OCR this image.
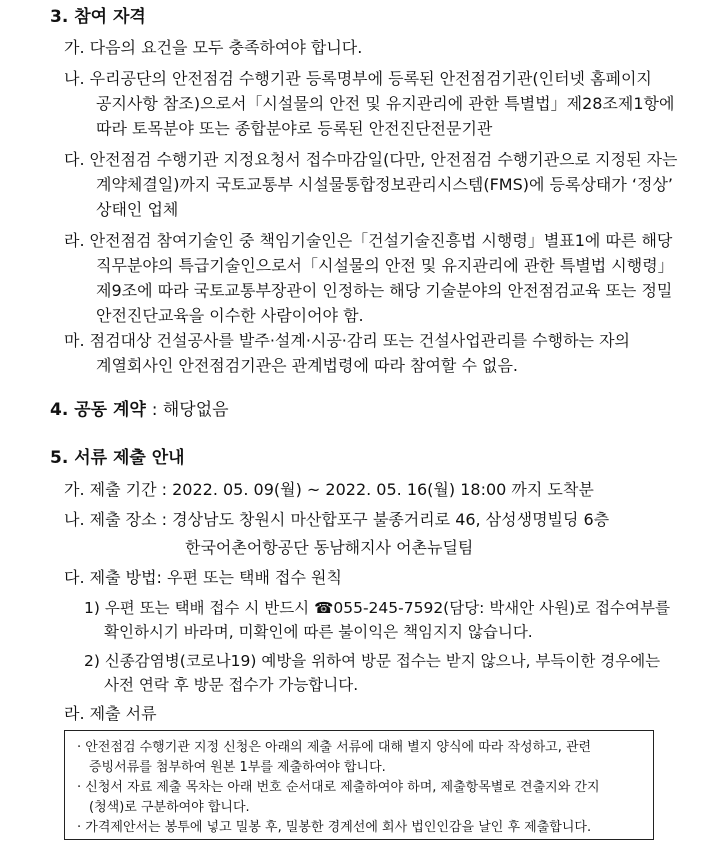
3. 참여 자격
가. 다음의 요건을 모두 충족하여야 합니다.
나. 우리공단의 안전점검 수행기관 등록명부에 등록된 안전점검기관(인터넷 홈페이지
공지사항 참조)으로서「시설물의 안전 및 유지관리에 관한 특별법」제28조제1항에
따라 토목분야 또는 종합분야로 등록된 안전진단전문기관
다. 안전점검 수행기관 지정요청서 접수마감일(다만, 안전점검 수행기관으로 지정된 자는
계약체결일)까지 국토교통부 시설물통합정보관리시스템(FMS)에 등록상태가 ‘정상’
상태인 업체
라. 안전점검 참여기술인 중 책임기술인은「건설기술진흥법 시행령」별표1에 따른 해당
직무분야의 특급기술인으로서「시설물의 안전 및 유지관리에 관한 특별법 시행령」
제9조에 따라 국토교통부장관이 인정하는 해당 기술분야의 안전점검교육 또는 정밀
안전진단교육을 이수한 사람이어야 함.
마. 점검대상 건설공사를 발주·설계·시공·감리 또는 건설사업관리를 수행하는 자의
계열회사인 안전점검기관은 관계법령에 따라 참여할 수 없음.
4. 공동 계약 : 해당없음
5. 서류 제출 안내
가. 제출 기간 : 2022. 05. 09(월) ~ 2022. 05. 16(월) 18:00 까지 도착분
나. 제출 장소 : 경상남도 창원시 마산합포구 불종거리로 46, 삼성생명빌딩 6층
한국어촌어항공단 동남해지사 어촌뉴딜팀
다. 제출 방법: 우편 또는 택배 접수 원칙
1) 우편 또는 택배 접수 시 반드시 ☎055-245-7592(담당: 박새안 사원)로 접수여부를
확인하시기 바라며, 미확인에 따른 불이익은 책임지지 않습니다.
2) 신종감염병(코로나19) 예방을 위하여 방문 접수는 받지 않으나, 부득이한 경우에는
사전 연락 후 방문 접수가 가능합니다.
라. 제출 서류
· 안전점검 수행기관 지정 신청은 아래의 제출 서류에 대해 별지 양식에 따라 작성하고, 관련
증빙서류를 첨부하여 원본 1부를 제출하여야 합니다.
· 신청서 자료 제출 목차는 아래 번호 순서대로 제출하여야 하며, 제출항목별로 견출지와 간지
(청색)로 구분하여야 합니다.
· 가격제안서는 봉투에 넣고 밀봉 후, 밀봉한 경계선에 회사 법인인감을 날인 후 제출합니다.
